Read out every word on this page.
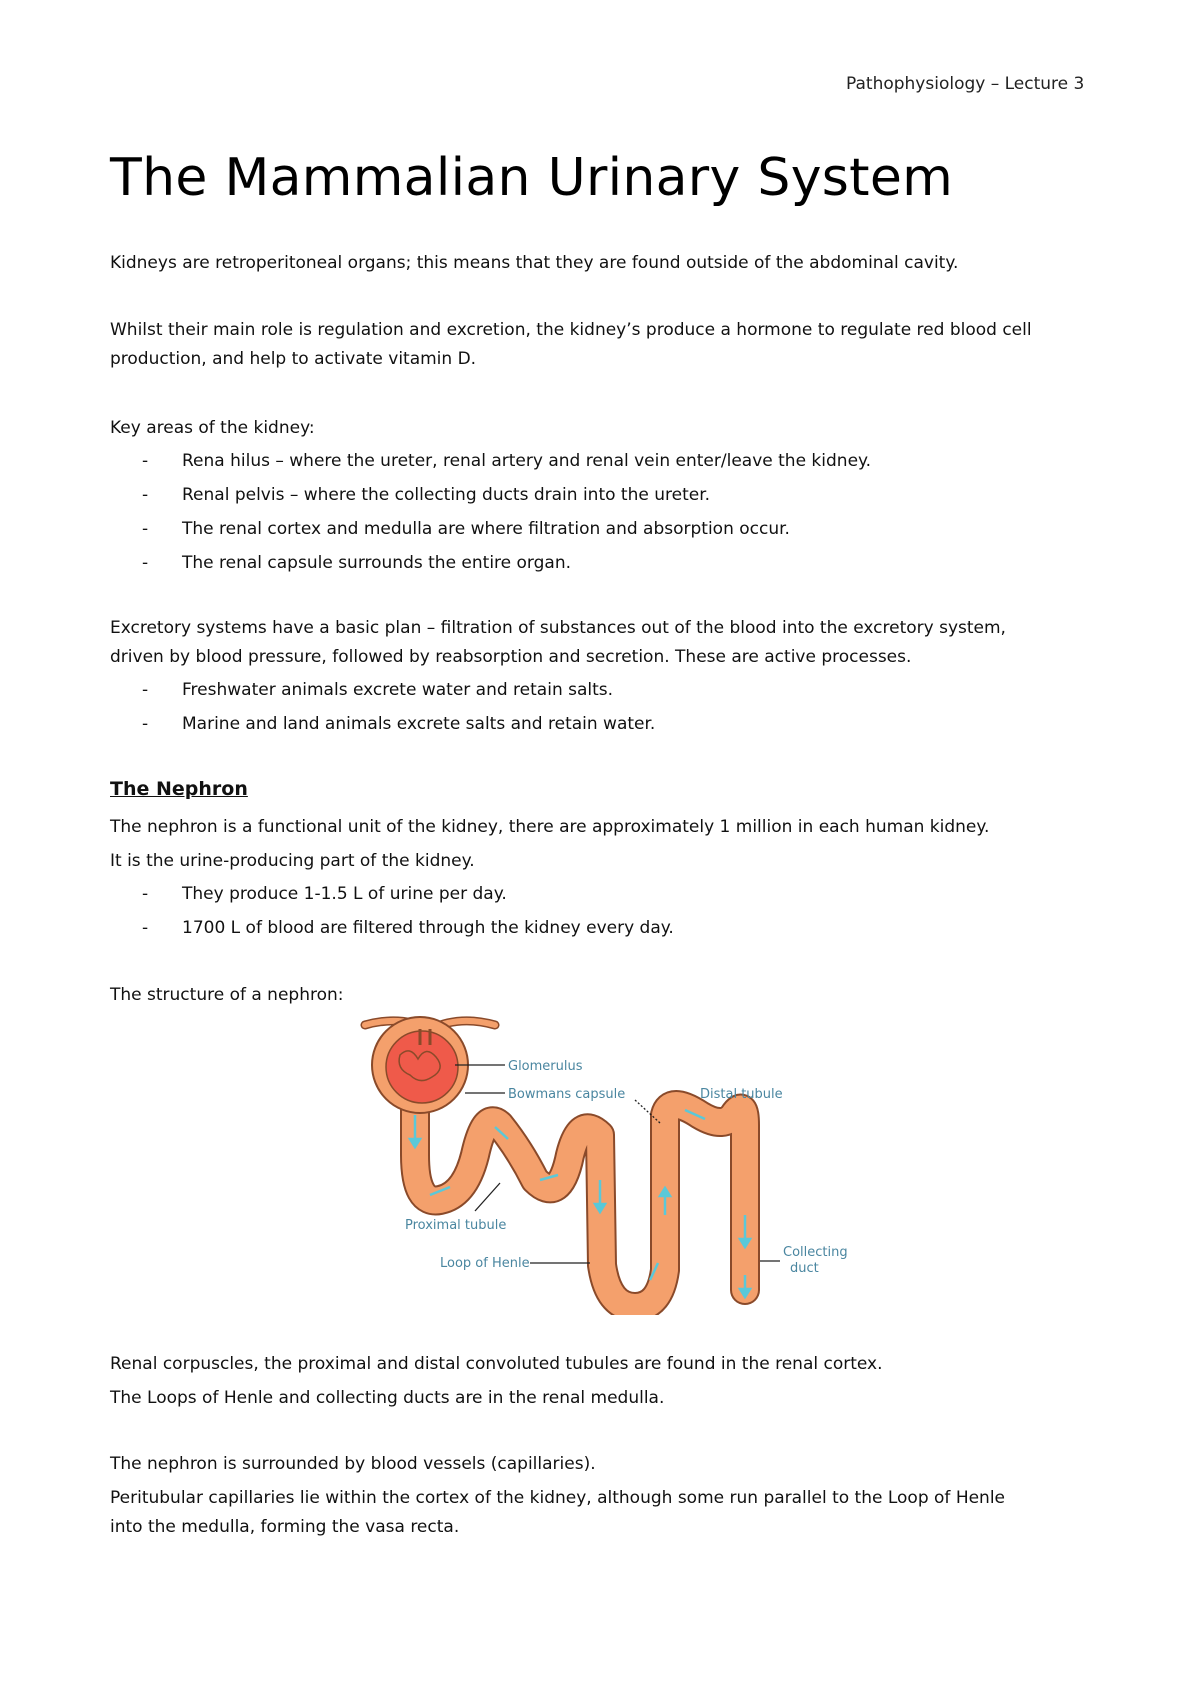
Pathophysiology – Lecture 3
The Mammalian Urinary System

Kidneys are retroperitoneal organs; this means that they are found outside of the abdominal cavity.

Whilst their main role is regulation and excretion, the kidney’s produce a hormone to regulate red blood cell

production, and help to activate vitamin D.

Key areas of the kidney:

- Rena hilus – where the ureter, renal artery and renal vein enter/leave the kidney.
- Renal pelvis – where the collecting ducts drain into the ureter.
- The renal cortex and medulla are where filtration and absorption occur.
- The renal capsule surrounds the entire organ.

Excretory systems have a basic plan – filtration of substances out of the blood into the excretory system,

driven by blood pressure, followed by reabsorption and secretion. These are active processes.

- Freshwater animals excrete water and retain salts.
- Marine and land animals excrete salts and retain water.
The Nephron

The nephron is a functional unit of the kidney, there are approximately 1 million in each human kidney.

It is the urine-producing part of the kidney.

- They produce 1-1.5 L of urine per day.
- 1700 L of blood are filtered through the kidney every day.

The structure of a nephron:

Glomerulus
Bowmans capsule	Distal tubule
Proximal tubule
Loop of Henle
Collecting
duct

Renal corpuscles, the proximal and distal convoluted tubules are found in the renal cortex.

The Loops of Henle and collecting ducts are in the renal medulla.

The nephron is surrounded by blood vessels (capillaries).

Peritubular capillaries lie within the cortex of the kidney, although some run parallel to the Loop of Henle

into the medulla, forming the vasa recta.
